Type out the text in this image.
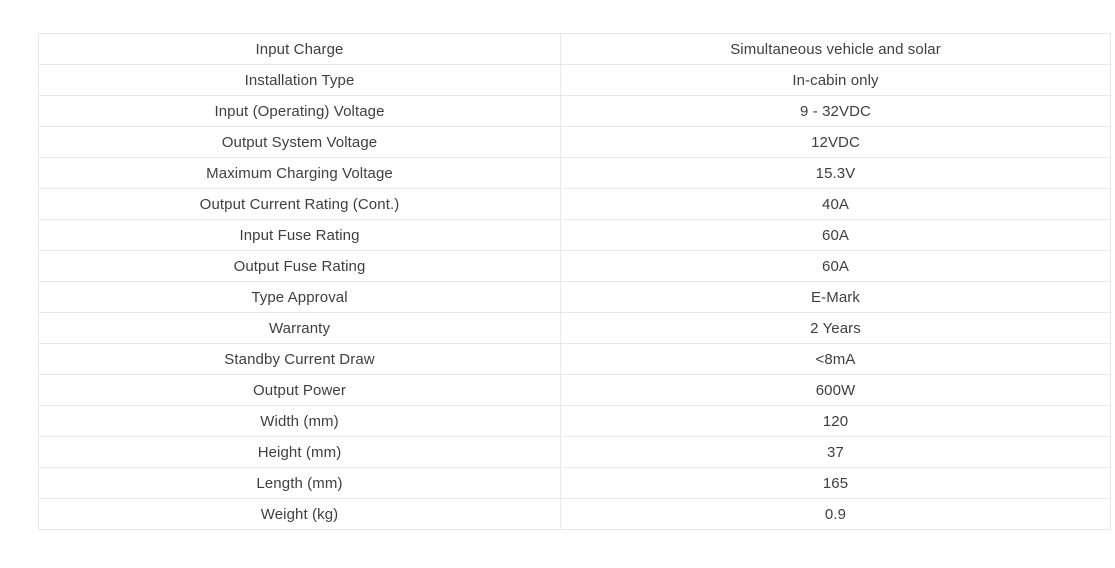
Input Charge	Simultaneous vehicle and solar
Installation Type	In-cabin only
Input (Operating) Voltage	9 - 32VDC
Output System Voltage	12VDC
Maximum Charging Voltage	15.3V
Output Current Rating (Cont.)	40A
Input Fuse Rating	60A
Output Fuse Rating	60A
Type Approval	E-Mark
Warranty	2 Years
Standby Current Draw	<8mA
Output Power	600W
Width (mm)	120
Height (mm)	37
Length (mm)	165
Weight (kg)	0.9
